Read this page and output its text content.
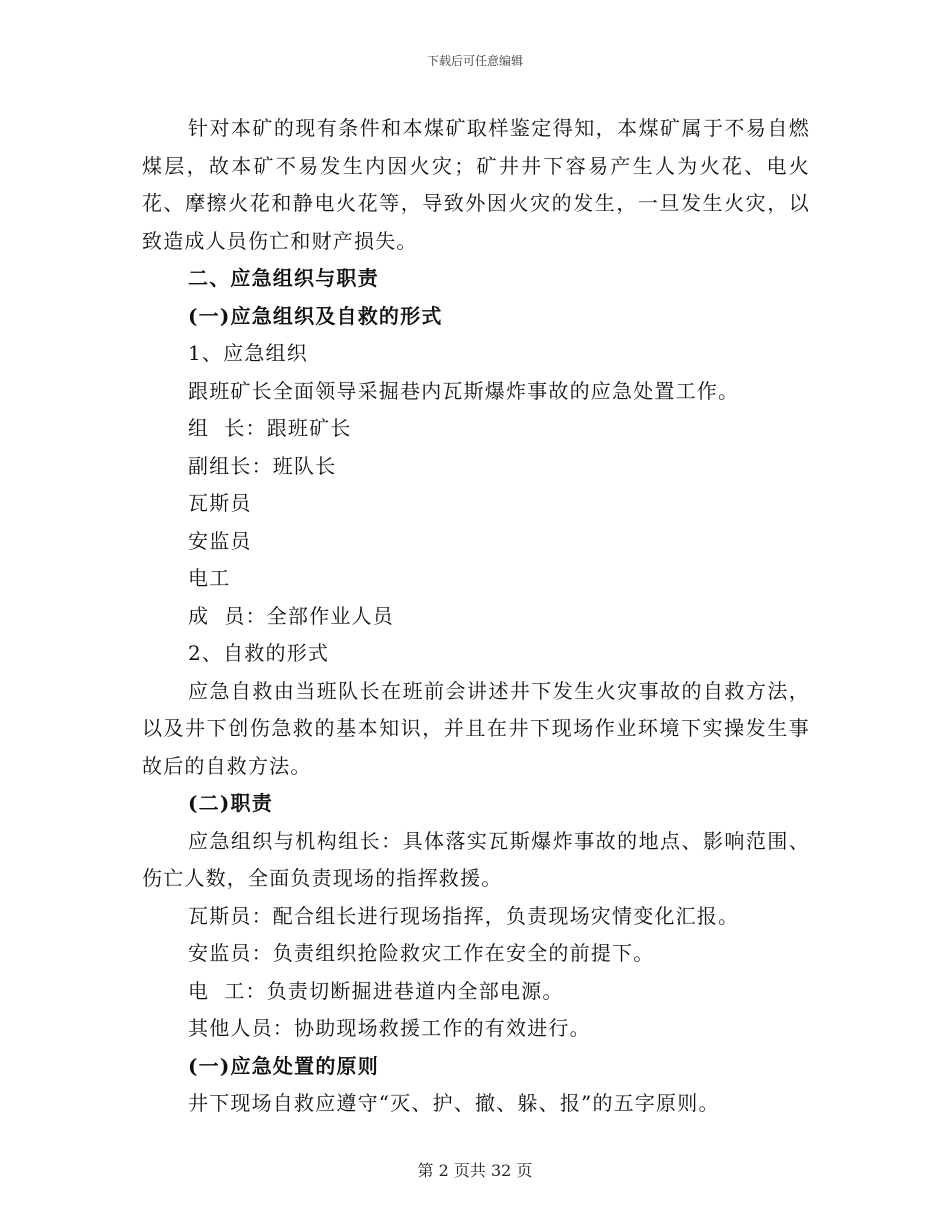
下载后可任意编辑

针对本矿的现有条件和本煤矿取样鉴定得知，本煤矿属于不易自燃煤层，故本矿不易发生内因火灾；矿井井下容易产生人为火花、电火花、摩擦火花和静电火花等，导致外因火灾的发生，一旦发生火灾，以致造成人员伤亡和财产损失。

二、应急组织与职责

(一)应急组织及自救的形式

1、应急组织

跟班矿长全面领导采掘巷内瓦斯爆炸事故的应急处置工作。

组  长：跟班矿长

副组长：班队长

瓦斯员

安监员

电工

成  员：全部作业人员

2、自救的形式

应急自救由当班队长在班前会讲述井下发生火灾事故的自救方法，以及井下创伤急救的基本知识，并且在井下现场作业环境下实操发生事故后的自救方法。

(二)职责

应急组织与机构组长：具体落实瓦斯爆炸事故的地点、影响范围、伤亡人数，全面负责现场的指挥救援。

瓦斯员：配合组长进行现场指挥，负责现场灾情变化汇报。

安监员：负责组织抢险救灾工作在安全的前提下。

电  工：负责切断掘进巷道内全部电源。

其他人员：协助现场救援工作的有效进行。

(一)应急处置的原则

井下现场自救应遵守“灭、护、撤、躲、报”的五字原则。

第 2 页共 32 页
